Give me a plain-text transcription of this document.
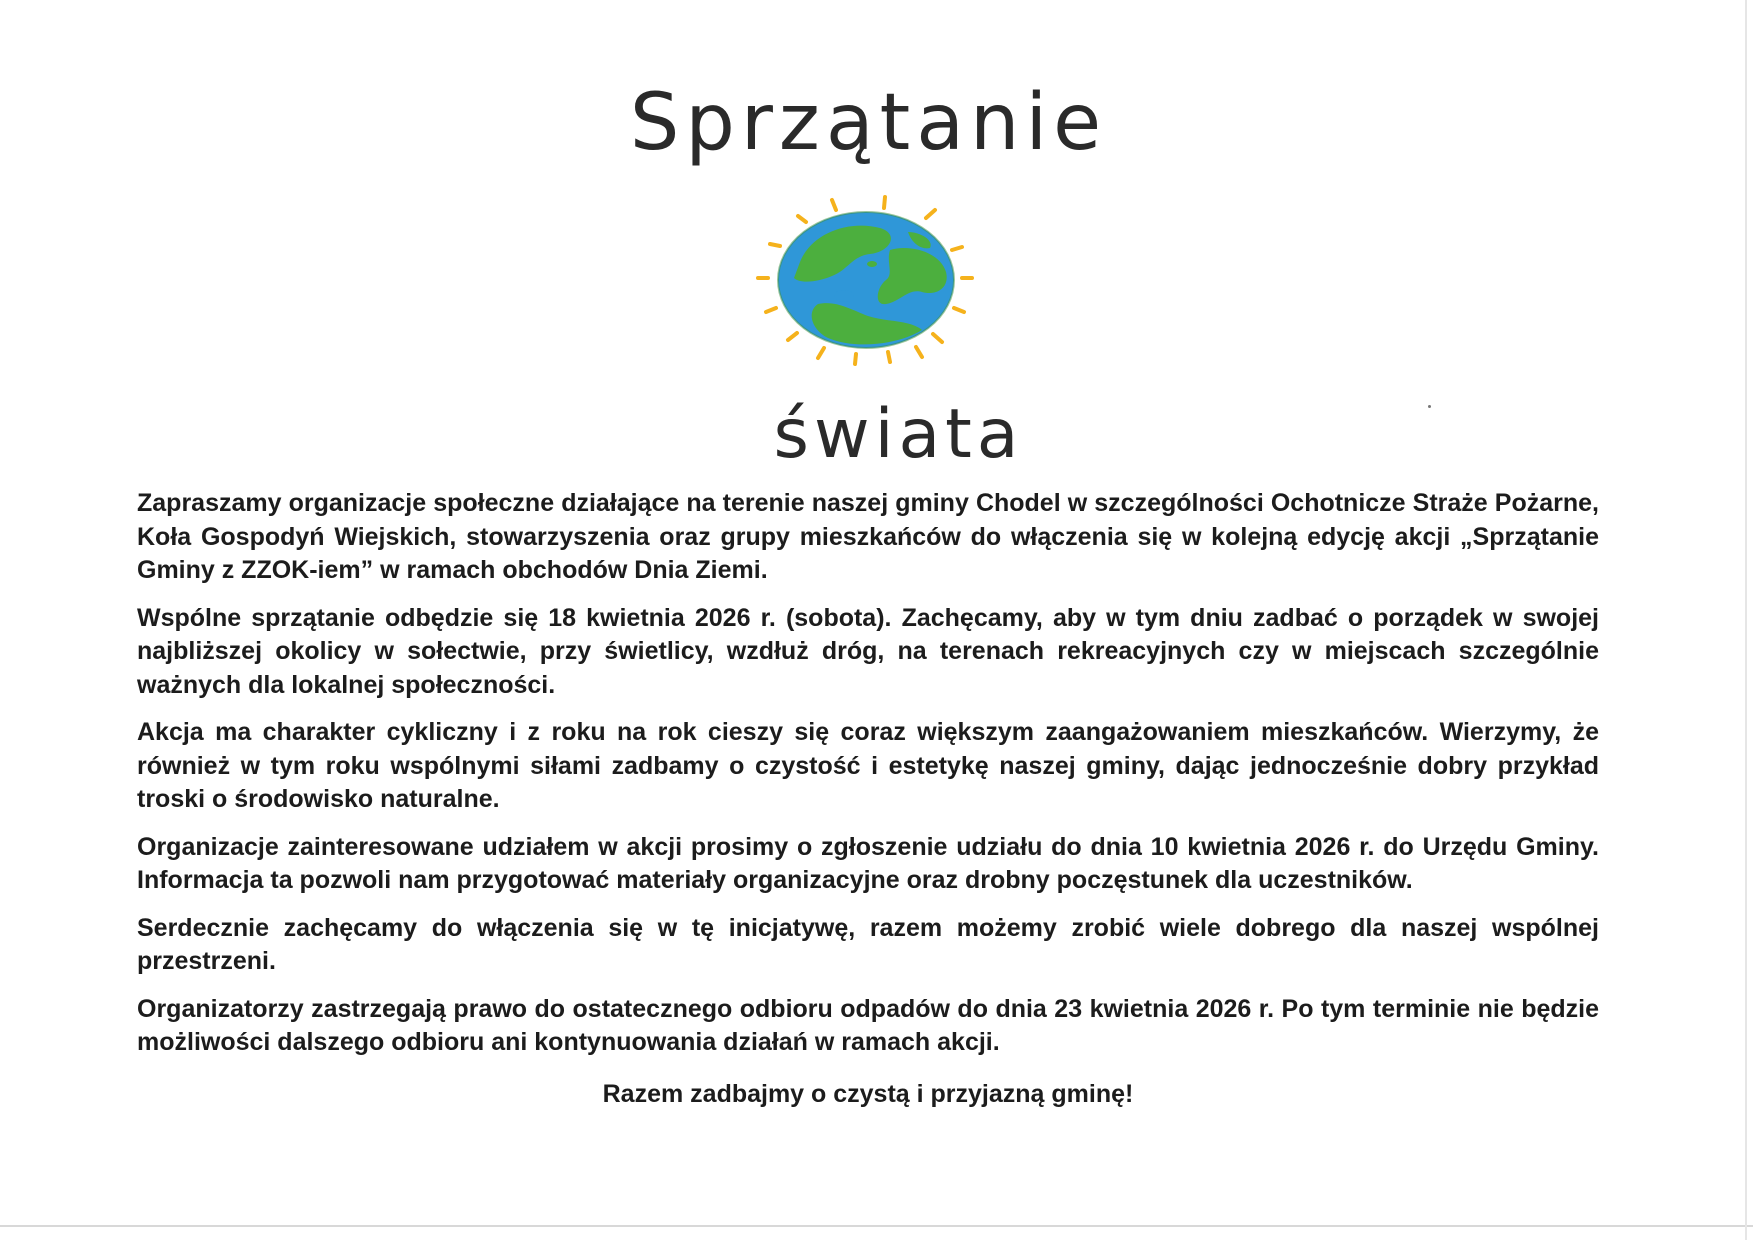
Sprzątanie
świata

Zapraszamy organizacje społeczne działające na terenie naszej gminy Chodel w szczególności Ochotnicze Straże Pożarne, Koła Gospodyń Wiejskich, stowarzyszenia oraz grupy mieszkańców do włączenia się w kolejną edycję akcji „Sprzątanie Gminy z ZZOK-iem” w ramach obchodów Dnia Ziemi.

Wspólne sprzątanie odbędzie się 18 kwietnia 2026 r. (sobota). Zachęcamy, aby w tym dniu zadbać o porządek w swojej najbliższej okolicy w sołectwie, przy świetlicy, wzdłuż dróg, na terenach rekreacyjnych czy w miejscach szczególnie ważnych dla lokalnej społeczności.

Akcja ma charakter cykliczny i z roku na rok cieszy się coraz większym zaangażowaniem mieszkańców. Wierzymy, że również w tym roku wspólnymi siłami zadbamy o czystość i estetykę naszej gminy, dając jednocześnie dobry przykład troski o środowisko naturalne.

Organizacje zainteresowane udziałem w akcji prosimy o zgłoszenie udziału do dnia 10 kwietnia 2026 r. do Urzędu Gminy. Informacja ta pozwoli nam przygotować materiały organizacyjne oraz drobny poczęstunek dla uczestników.

Serdecznie zachęcamy do włączenia się w tę inicjatywę, razem możemy zrobić wiele dobrego dla naszej wspólnej przestrzeni.

Organizatorzy zastrzegają prawo do ostatecznego odbioru odpadów do dnia 23 kwietnia 2026 r. Po tym terminie nie będzie możliwości dalszego odbioru ani kontynuowania działań w ramach akcji.

Razem zadbajmy o czystą i przyjazną gminę!
